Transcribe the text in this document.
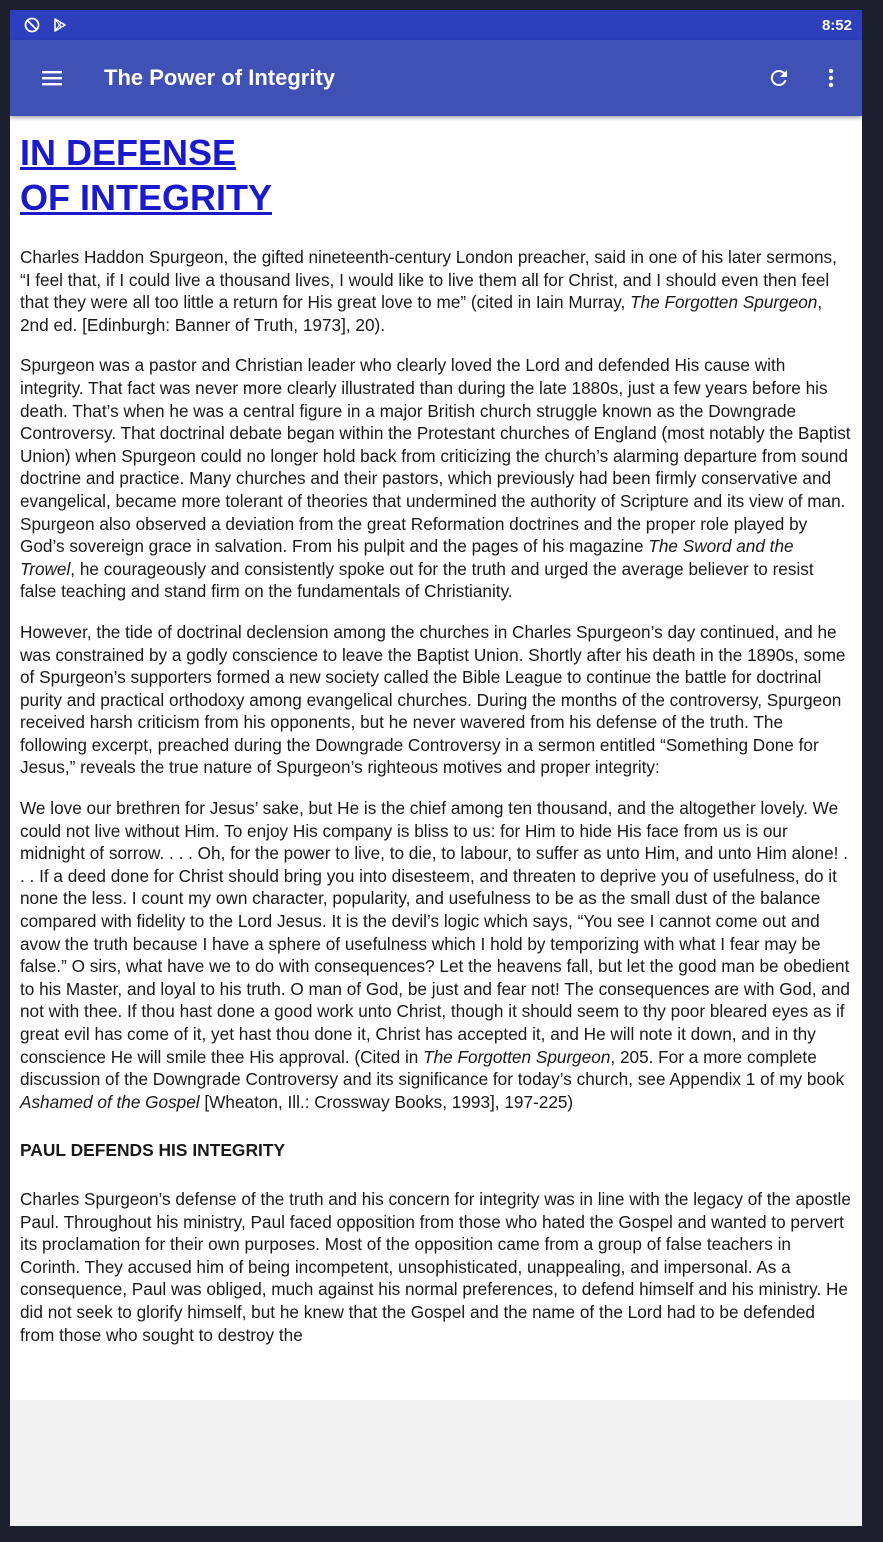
8:52
The Power of Integrity
IN DEFENSE
OF INTEGRITY

Charles Haddon Spurgeon, the gifted nineteenth-century London preacher, said in one of his later sermons, “I feel that, if I could live a thousand lives, I would like to live them all for Christ, and I should even then feel that they were all too little a return for His great love to me” (cited in Iain Murray, The Forgotten Spurgeon, 2nd ed. [Edinburgh: Banner of Truth, 1973], 20).

Spurgeon was a pastor and Christian leader who clearly loved the Lord and defended His cause with integrity. That fact was never more clearly illustrated than during the late 1880s, just a few years before his death. That’s when he was a central figure in a major British church struggle known as the Downgrade Controversy. That doctrinal debate began within the Protestant churches of England (most notably the Baptist Union) when Spurgeon could no longer hold back from criticizing the church’s alarming departure from sound doctrine and practice. Many churches and their pastors, which previously had been firmly conservative and evangelical, became more tolerant of theories that undermined the authority of Scripture and its view of man. Spurgeon also observed a deviation from the great Reformation doctrines and the proper role played by God’s sovereign grace in salvation. From his pulpit and the pages of his magazine The Sword and the Trowel, he courageously and consistently spoke out for the truth and urged the average believer to resist false teaching and stand firm on the fundamentals of Christianity.

However, the tide of doctrinal declension among the churches in Charles Spurgeon’s day continued, and he was constrained by a godly conscience to leave the Baptist Union. Shortly after his death in the 1890s, some of Spurgeon’s supporters formed a new society called the Bible League to continue the battle for doctrinal purity and practical orthodoxy among evangelical churches. During the months of the controversy, Spurgeon received harsh criticism from his opponents, but he never wavered from his defense of the truth. The following excerpt, preached during the Downgrade Controversy in a sermon entitled “Something Done for Jesus,” reveals the true nature of Spurgeon’s righteous motives and proper integrity:

We love our brethren for Jesus’ sake, but He is the chief among ten thousand, and the altogether lovely. We could not live without Him. To enjoy His company is bliss to us: for Him to hide His face from us is our midnight of sorrow. . . . Oh, for the power to live, to die, to labour, to suffer as unto Him, and unto Him alone! . . . If a deed done for Christ should bring you into disesteem, and threaten to deprive you of usefulness, do it none the less. I count my own character, popularity, and usefulness to be as the small dust of the balance compared with fidelity to the Lord Jesus. It is the devil’s logic which says, “You see I cannot come out and avow the truth because I have a sphere of usefulness which I hold by temporizing with what I fear may be false.” O sirs, what have we to do with consequences? Let the heavens fall, but let the good man be obedient to his Master, and loyal to his truth. O man of God, be just and fear not! The consequences are with God, and not with thee. If thou hast done a good work unto Christ, though it should seem to thy poor bleared eyes as if great evil has come of it, yet hast thou done it, Christ has accepted it, and He will note it down, and in thy conscience He will smile thee His approval. (Cited in The Forgotten Spurgeon, 205. For a more complete discussion of the Downgrade Controversy and its significance for today’s church, see Appendix 1 of my book Ashamed of the Gospel [Wheaton, Ill.: Crossway Books, 1993], 197-225)

PAUL DEFENDS HIS INTEGRITY

Charles Spurgeon’s defense of the truth and his concern for integrity was in line with the legacy of the apostle Paul. Throughout his ministry, Paul faced opposition from those who hated the Gospel and wanted to pervert its proclamation for their own purposes. Most of the opposition came from a group of false teachers in Corinth. They accused him of being incompetent, unsophisticated, unappealing, and impersonal. As a consequence, Paul was obliged, much against his normal preferences, to defend himself and his ministry. He did not seek to glorify himself, but he knew that the Gospel and the name of the Lord had to be defended from those who sought to destroy the
